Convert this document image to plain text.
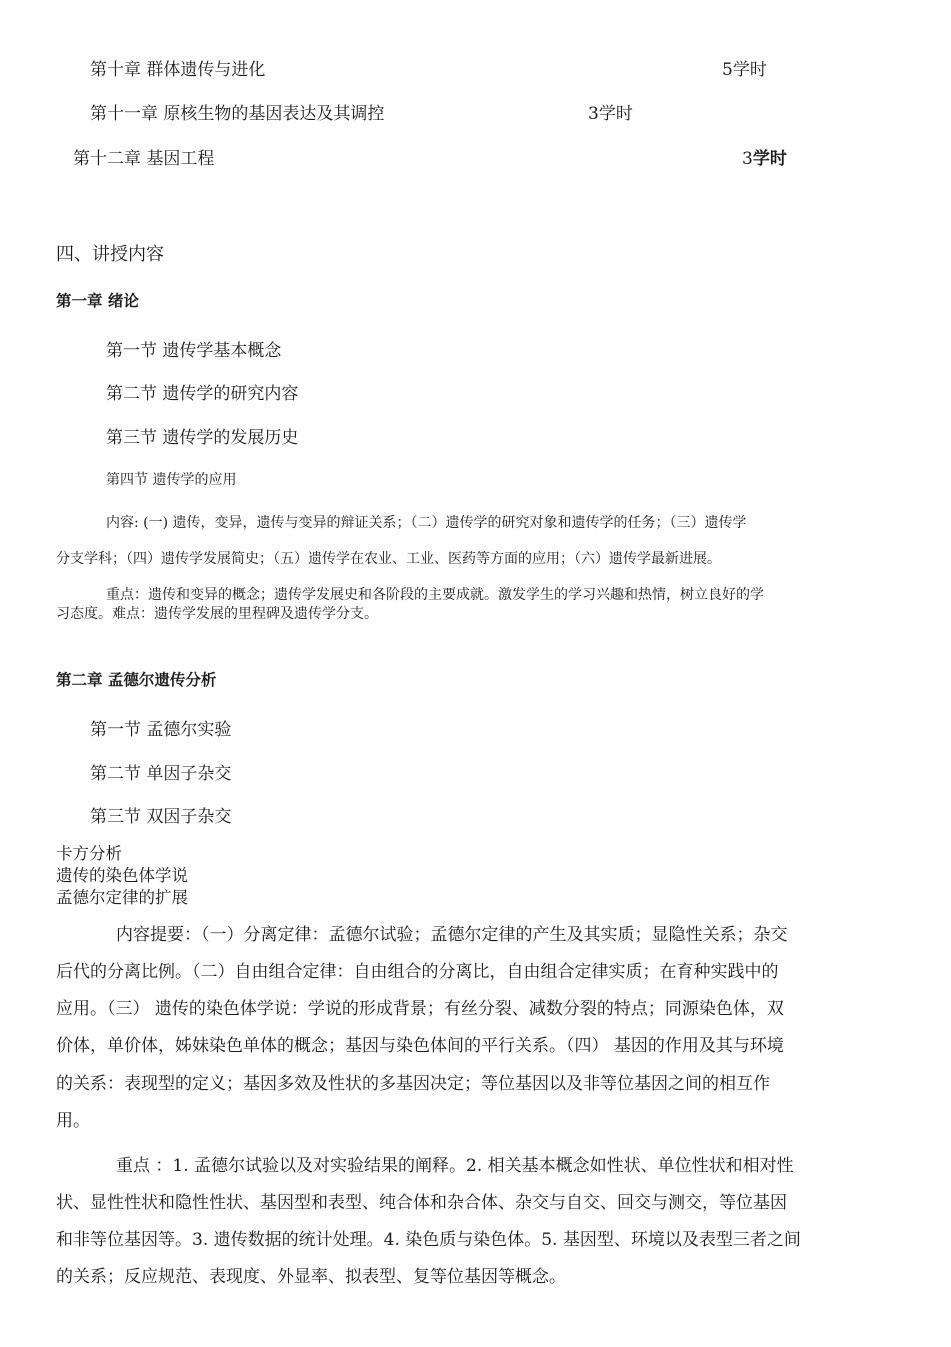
第十章 群体遗传与进化	5学时
第十一章 原核生物的基因表达及其调控	3学时
第十二章 基因工程	3学时
四、讲授内容
第一章 绪论
第一节 遗传学基本概念
第二节 遗传学的研究内容
第三节 遗传学的发展历史
第四节 遗传学的应用
内容: (一) 遗传，变异，遗传与变异的辩证关系；（二）遗传学的研究对象和遗传学的任务；（三）遗传学
分支学科；（四）遗传学发展简史；（五）遗传学在农业、工业、医药等方面的应用；（六）遗传学最新进展。
重点：遗传和变异的概念；遗传学发展史和各阶段的主要成就。激发学生的学习兴趣和热情，树立良好的学
习态度。难点：遗传学发展的里程碑及遗传学分支。
第二章 孟德尔遗传分析
第一节 孟德尔实验
第二节 单因子杂交
第三节 双因子杂交
卡方分析
遗传的染色体学说
孟德尔定律的扩展
内容提要：（一）分离定律：孟德尔试验；孟德尔定律的产生及其实质；显隐性关系；杂交
后代的分离比例。（二）自由组合定律：自由组合的分离比，自由组合定律实质；在育种实践中的
应用。（三） 遗传的染色体学说：学说的形成背景；有丝分裂、减数分裂的特点；同源染色体，双
价体，单价体，姊妹染色单体的概念；基因与染色体间的平行关系。（四） 基因的作用及其与环境
的关系：表现型的定义；基因多效及性状的多基因决定；等位基因以及非等位基因之间的相互作
用。
重点 ：1. 孟德尔试验以及对实验结果的阐释。2. 相关基本概念如性状、单位性状和相对性
状、显性性状和隐性性状、基因型和表型、纯合体和杂合体、杂交与自交、回交与测交，等位基因
和非等位基因等。3. 遗传数据的统计处理。4. 染色质与染色体。5. 基因型、环境以及表型三者之间
的关系；反应规范、表现度、外显率、拟表型、复等位基因等概念。
